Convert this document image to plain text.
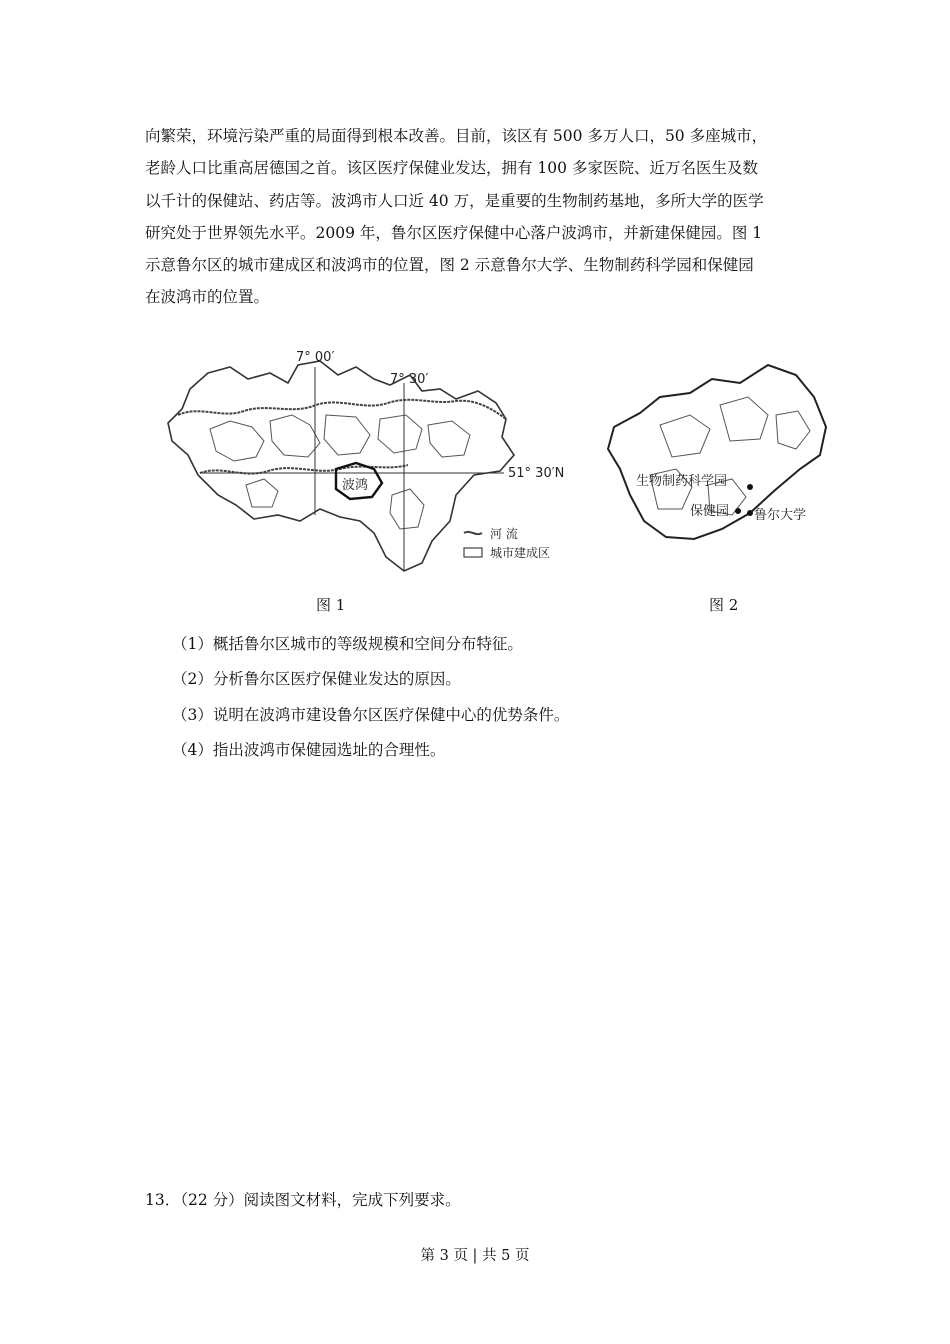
向繁荣，环境污染严重的局面得到根本改善。目前，该区有 500 多万人口，50 多座城市，
老龄人口比重高居德国之首。该区医疗保健业发达，拥有 100 多家医院、近万名医生及数
以千计的保健站、药店等。波鸿市人口近 40 万，是重要的生物制药基地，多所大学的医学
研究处于世界领先水平。2009 年，鲁尔区医疗保健中心落户波鸿市，并新建保健园。图 1
示意鲁尔区的城市建成区和波鸿市的位置，图 2 示意鲁尔大学、生物制药科学园和保健园
在波鸿市的位置。
7° 00′
7° 30′
51° 30′N
波鸿
河 流
城市建成区
生物制药科学园
保健园 鲁尔大学
图 1	图 2
（1）概括鲁尔区城市的等级规模和空间分布特征。
（2）分析鲁尔区医疗保健业发达的原因。
（3）说明在波鸿市建设鲁尔区医疗保健中心的优势条件。
（4）指出波鸿市保健园选址的合理性。
13．（22 分）阅读图文材料，完成下列要求。
第 3 页 | 共 5 页
